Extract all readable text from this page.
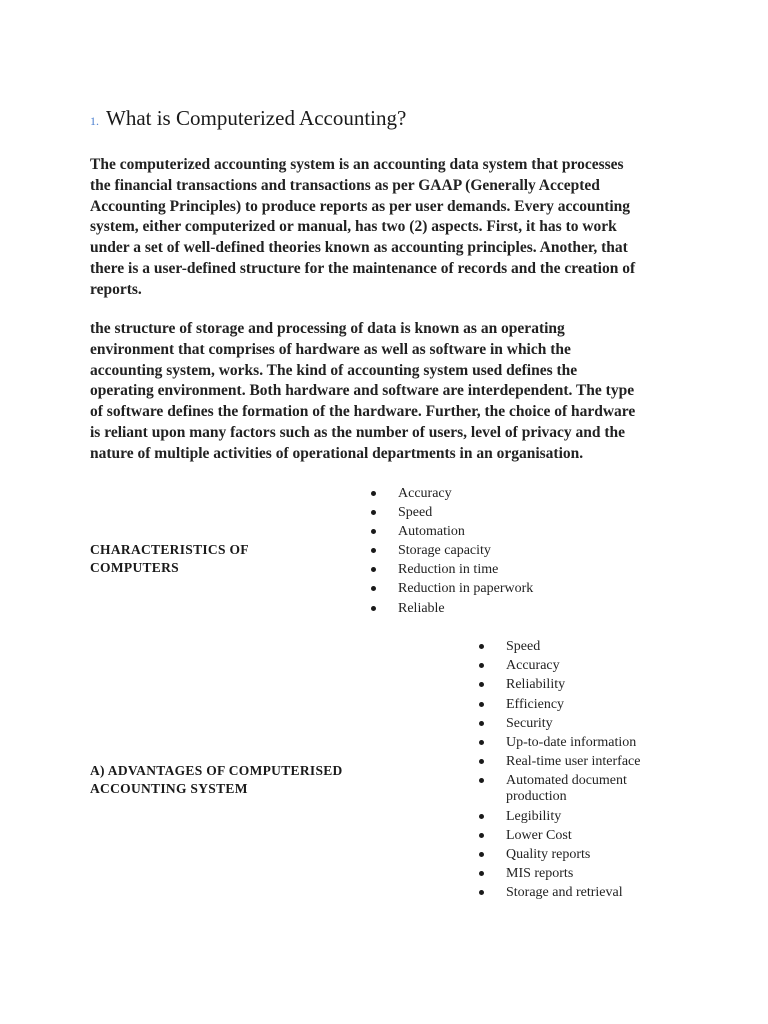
1. What is Computerized Accounting?

The computerized accounting system is an accounting data system that processes
the financial transactions and transactions as per GAAP (Generally Accepted
Accounting Principles) to produce reports as per user demands. Every accounting
system, either computerized or manual, has two (2) aspects. First, it has to work
under a set of well-defined theories known as accounting principles. Another, that
there is a user-defined structure for the maintenance of records and the creation of
reports.

the structure of storage and processing of data is known as an operating
environment that comprises of hardware as well as software in which the
accounting system, works. The kind of accounting system used defines the
operating environment. Both hardware and software are interdependent. The type
of software defines the formation of the hardware. Further, the choice of hardware
is reliant upon many factors such as the number of users, level of privacy and the
nature of multiple activities of operational departments in an organisation.

CHARACTERISTICS OF
COMPUTERS

Accuracy
Speed
Automation
Storage capacity
Reduction in time
Reduction in paperwork
Reliable

A) ADVANTAGES OF COMPUTERISED
ACCOUNTING SYSTEM

Speed
Accuracy
Reliability
Efficiency
Security
Up-to-date information
Real-time user interface
Automated document production
Legibility
Lower Cost
Quality reports
MIS reports
Storage and retrieval
